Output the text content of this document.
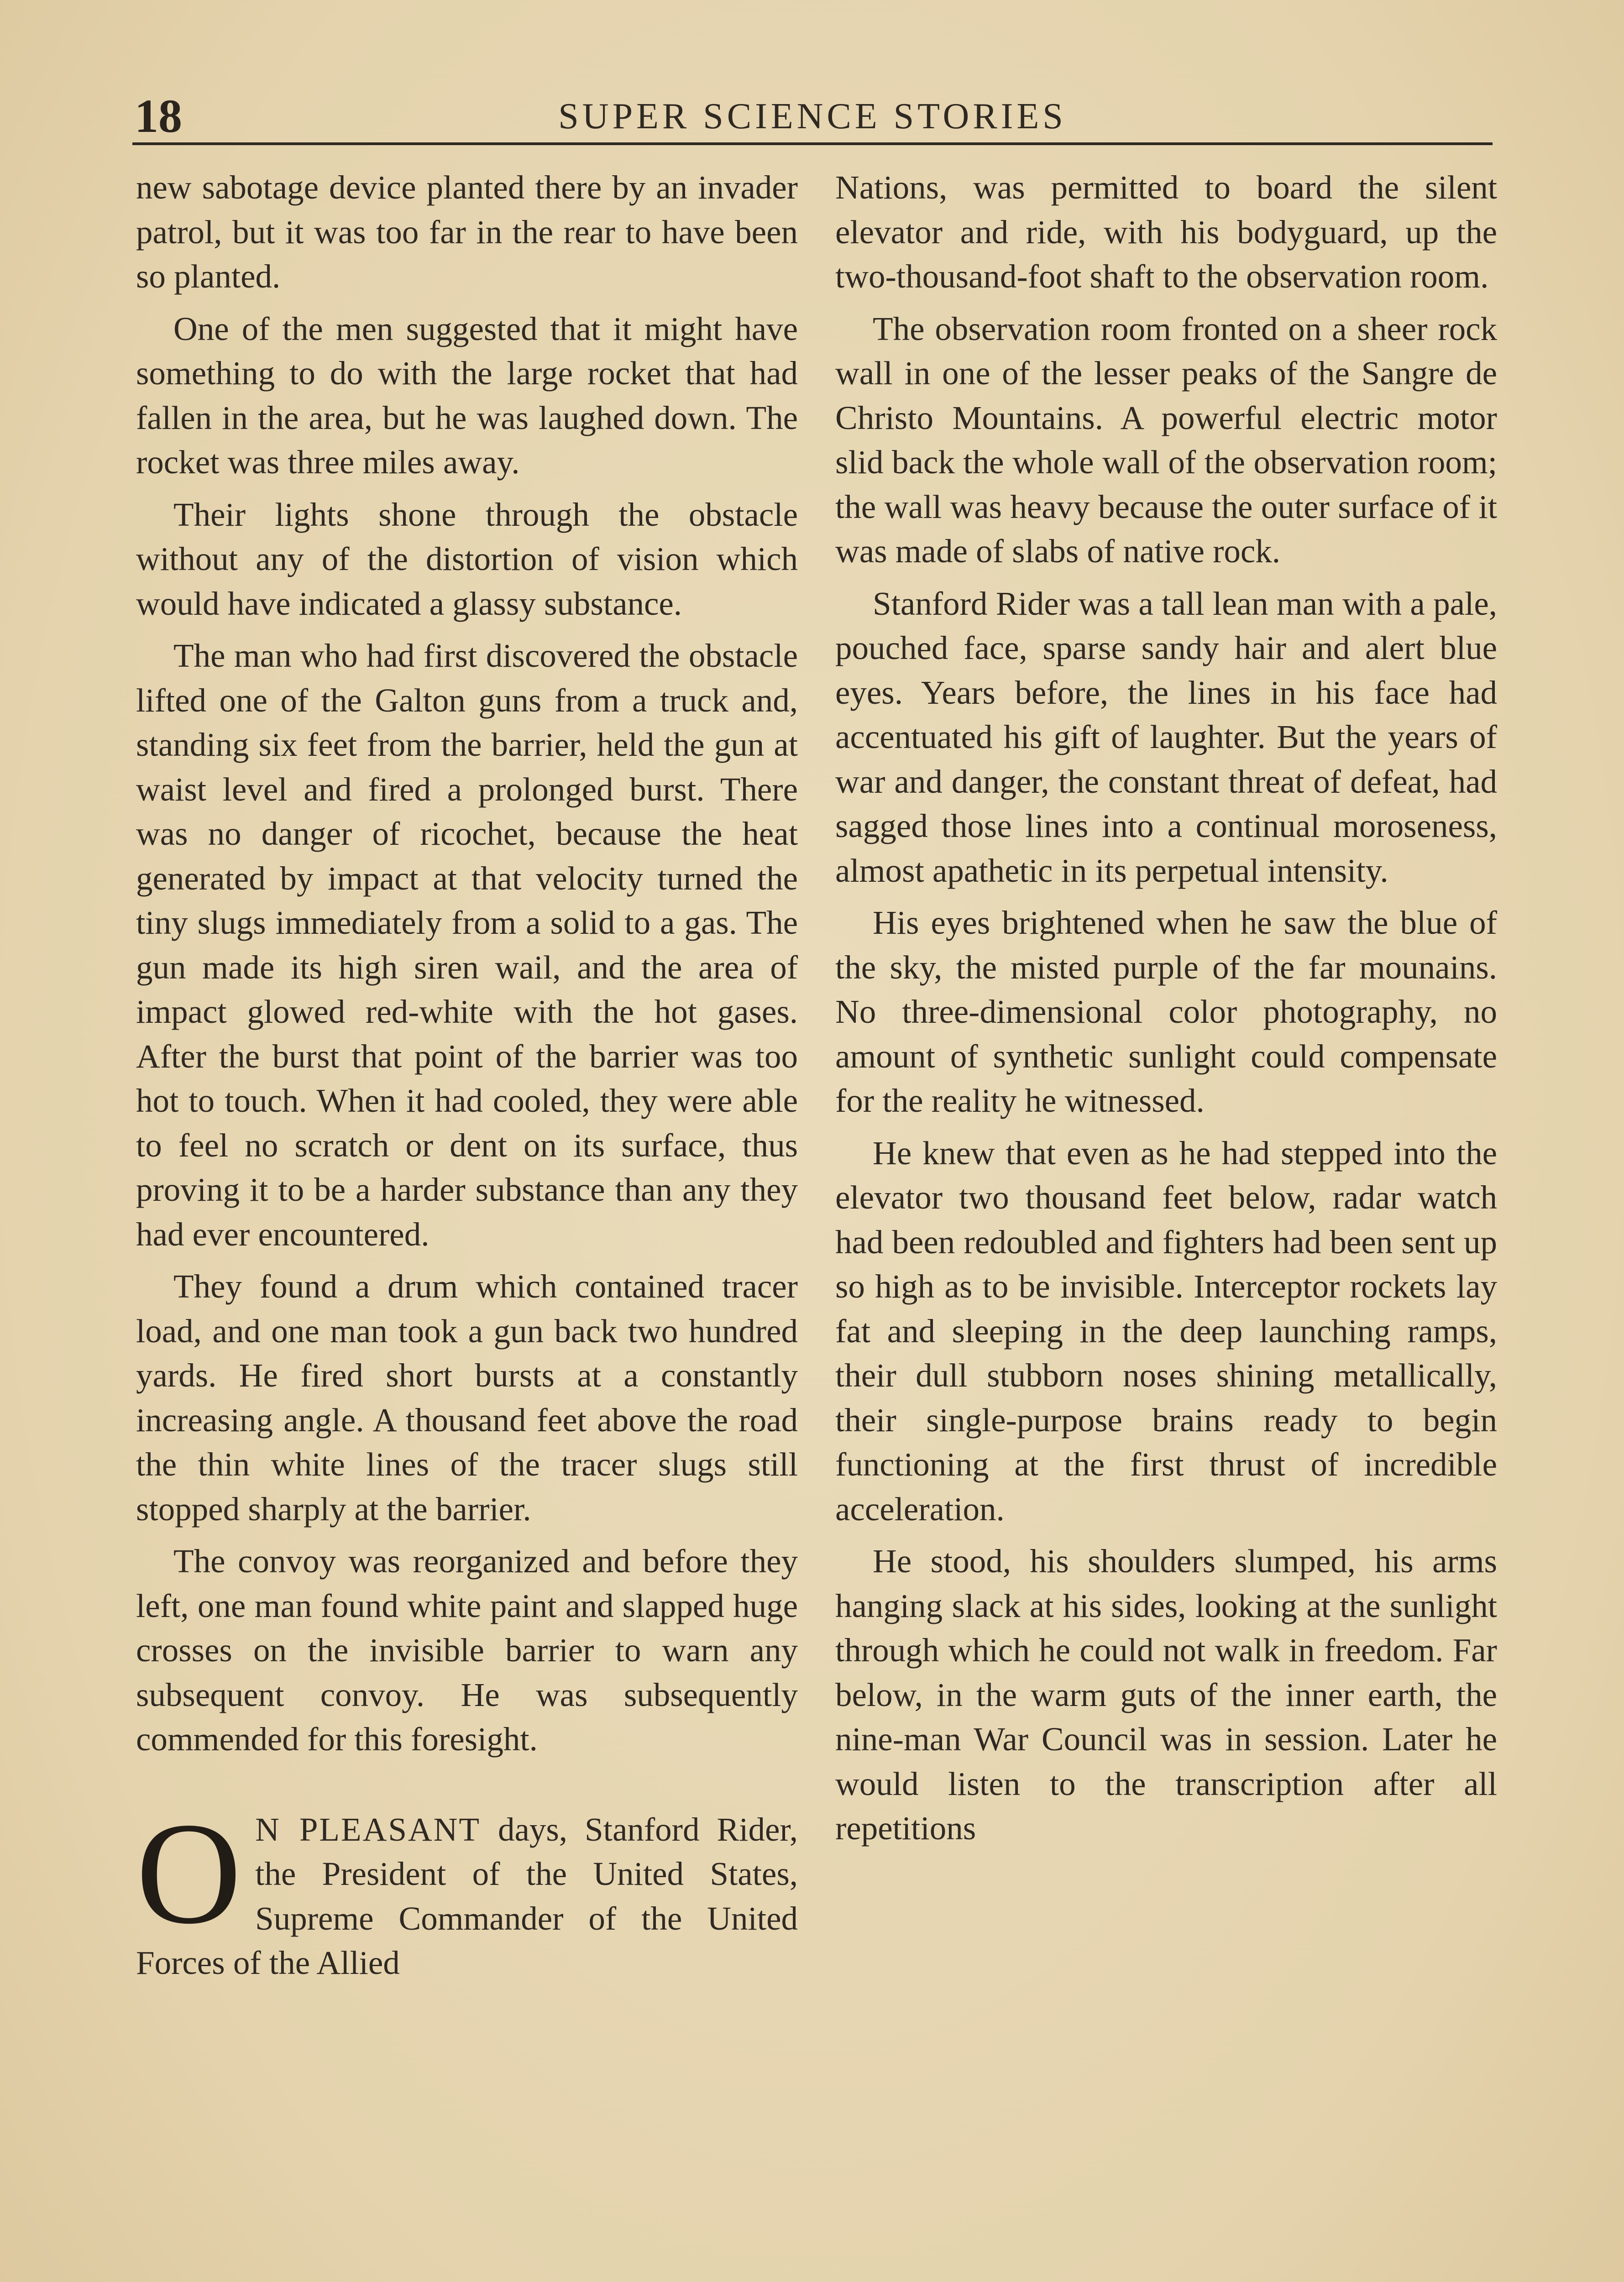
18	SUPER SCIENCE STORIES

new sabotage device planted there by an invader patrol, but it was too far in the rear to have been so planted.

One of the men suggested that it might have something to do with the large rocket that had fallen in the area, but he was laughed down. The rocket was three miles away.

Their lights shone through the obstacle without any of the distortion of vision which would have indicated a glassy substance.

The man who had first discovered the obstacle lifted one of the Galton guns from a truck and, standing six feet from the barrier, held the gun at waist level and fired a prolonged burst. There was no danger of ricochet, because the heat generated by impact at that velocity turned the tiny slugs immediately from a solid to a gas. The gun made its high siren wail, and the area of impact glowed red-white with the hot gases. After the burst that point of the barrier was too hot to touch. When it had cooled, they were able to feel no scratch or dent on its surface, thus proving it to be a harder substance than any they had ever encountered.

They found a drum which contained tracer load, and one man took a gun back two hundred yards. He fired short bursts at a constantly increasing angle. A thousand feet above the road the thin white lines of the tracer slugs still stopped sharply at the barrier.

The convoy was reorganized and before they left, one man found white paint and slapped huge crosses on the invisible barrier to warn any subsequent convoy. He was subsequently commended for this foresight.

O N PLEASANT days, Stanford Rider, the President of the United States, Supreme Commander of the United Forces of the Allied

Nations, was permitted to board the silent elevator and ride, with his bodyguard, up the two-thousand-foot shaft to the observation room.

The observation room fronted on a sheer rock wall in one of the lesser peaks of the Sangre de Christo Mountains. A powerful electric motor slid back the whole wall of the observation room; the wall was heavy because the outer surface of it was made of slabs of native rock.

Stanford Rider was a tall lean man with a pale, pouched face, sparse sandy hair and alert blue eyes. Years before, the lines in his face had accentuated his gift of laughter. But the years of war and danger, the constant threat of defeat, had sagged those lines into a continual moroseness, almost apathetic in its perpetual intensity.

His eyes brightened when he saw the blue of the sky, the misted purple of the far mounains. No three-dimensional color photography, no amount of synthetic sunlight could compensate for the reality he witnessed.

He knew that even as he had stepped into the elevator two thousand feet below, radar watch had been redoubled and fighters had been sent up so high as to be invisible. Interceptor rockets lay fat and sleeping in the deep launching ramps, their dull stubborn noses shining metallically, their single-purpose brains ready to begin functioning at the first thrust of incredible acceleration.

He stood, his shoulders slumped, his arms hanging slack at his sides, looking at the sunlight through which he could not walk in freedom. Far below, in the warm guts of the inner earth, the nine-man War Council was in session. Later he would listen to the transcription after all repetitions
